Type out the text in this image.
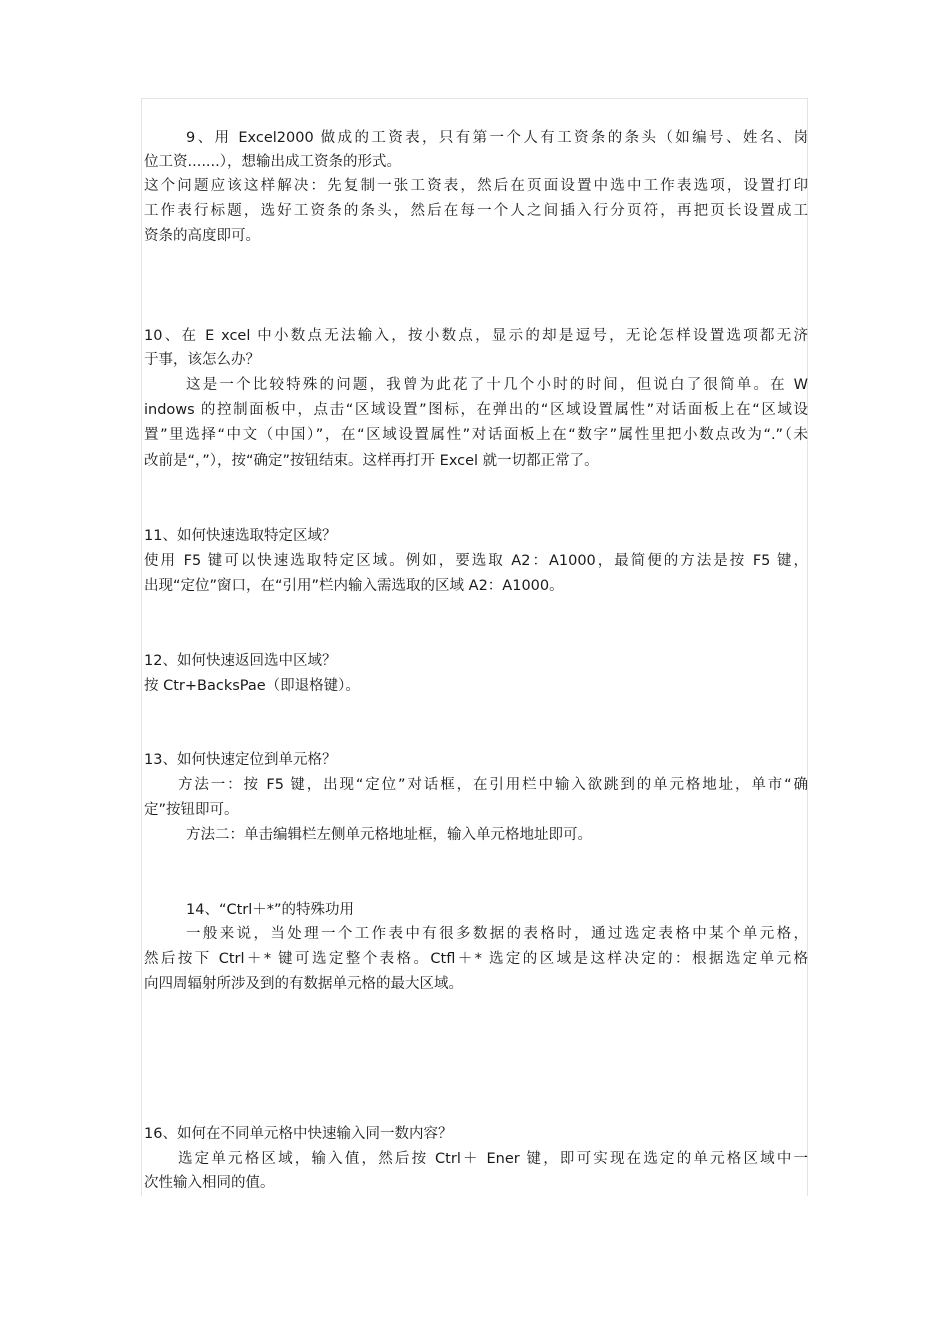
9、用 Excel2000 做成的工资表，只有第一个人有工资条的条头（如编号、姓名、岗
位工资.......），想输出成工资条的形式。
这个问题应该这样解决：先复制一张工资表，然后在页面设置中选中工作表选项，设置打印
工作表行标题，选好工资条的条头，然后在每一个人之间插入行分页符，再把页长设置成工
资条的高度即可。
10、在 E xcel 中小数点无法输入，按小数点，显示的却是逗号，无论怎样设置选项都无济
于事，该怎么办？
这是一个比较特殊的问题，我曾为此花了十几个小时的时间，但说白了很简单。在 W
indows 的控制面板中，点击“区域设置”图标，在弹出的“区域设置属性”对话面板上在“区域设
置”里选择“中文（中国）”，在“区域设置属性”对话面板上在“数字”属性里把小数点改为“.”（未
改前是“，”），按“确定”按钮结束。这样再打开 Excel 就一切都正常了。
11、如何快速选取特定区域？
使用 F5 键可以快速选取特定区域。例如，要选取 A2：A1000，最简便的方法是按 F5 键，
出现“定位”窗口，在“引用”栏内输入需选取的区域 A2：A1000。
12、如何快速返回选中区域？
按 Ctr+BacksPae（即退格键）。
13、如何快速定位到单元格？
方法一：按 F5 键，出现“定位”对话框，在引用栏中输入欲跳到的单元格地址，单市“确
定”按钮即可。
方法二：单击编辑栏左侧单元格地址框，输入单元格地址即可。
14、“Ctrl＋*”的特殊功用
一般来说，当处理一个工作表中有很多数据的表格时，通过选定表格中某个单元格，
然后按下 Ctrl＋* 键可选定整个表格。Ctfl＋* 选定的区域是这样决定的：根据选定单元格
向四周辐射所涉及到的有数据单元格的最大区域。
16、如何在不同单元格中快速输入同一数内容？
选定单元格区域，输入值，然后按 Ctrl＋ Ener 键，即可实现在选定的单元格区域中一
次性输入相同的值。
